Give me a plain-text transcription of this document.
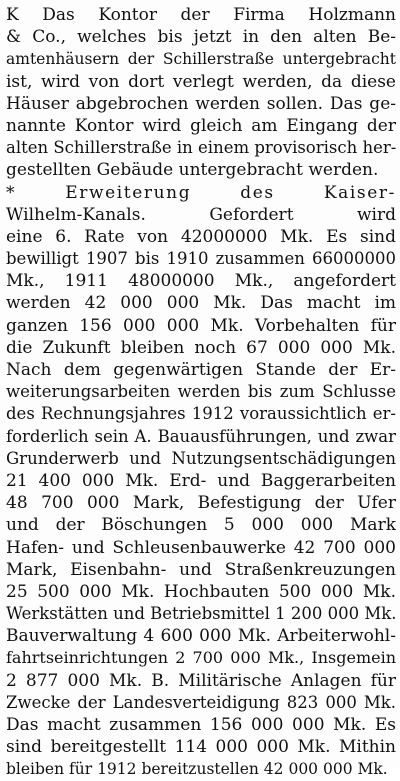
K Das Kontor der Firma Holzmann
& Co., welches bis jetzt in den alten Be-
amtenhäusern der Schillerstraße untergebracht
ist, wird von dort verlegt werden, da diese
Häuser abgebrochen werden sollen. Das ge-
nannte Kontor wird gleich am Eingang der
alten Schillerstraße in einem provisorisch her-
gestellten Gebäude untergebracht werden.
* Erweiterung des Kaiser-
Wilhelm-Kanals. Gefordert wird
eine 6. Rate von 42000000 Mk. Es sind
bewilligt 1907 bis 1910 zusammen 66000000
Mk., 1911 48000000 Mk., angefordert
werden 42 000 000 Mk. Das macht im
ganzen 156 000 000 Mk. Vorbehalten für
die Zukunft bleiben noch 67 000 000 Mk.
Nach dem gegenwärtigen Stande der Er-
weiterungsarbeiten werden bis zum Schlusse
des Rechnungsjahres 1912 voraussichtlich er-
forderlich sein A. Bauausführungen, und zwar
Grunderwerb und Nutzungsentschädigungen
21 400 000 Mk. Erd- und Baggerarbeiten
48 700 000 Mark, Befestigung der Ufer
und der Böschungen 5 000 000 Mark
Hafen- und Schleusenbauwerke 42 700 000
Mark, Eisenbahn- und Straßenkreuzungen
25 500 000 Mk. Hochbauten 500 000 Mk.
Werkstätten und Betriebsmittel 1 200 000 Mk.
Bauverwaltung 4 600 000 Mk. Arbeiterwohl-
fahrtseinrichtungen 2 700 000 Mk., Insgemein
2 877 000 Mk. B. Militärische Anlagen für
Zwecke der Landesverteidigung 823 000 Mk.
Das macht zusammen 156 000 000 Mk. Es
sind bereitgestellt 114 000 000 Mk. Mithin
bleiben für 1912 bereitzustellen 42 000 000 Mk.
